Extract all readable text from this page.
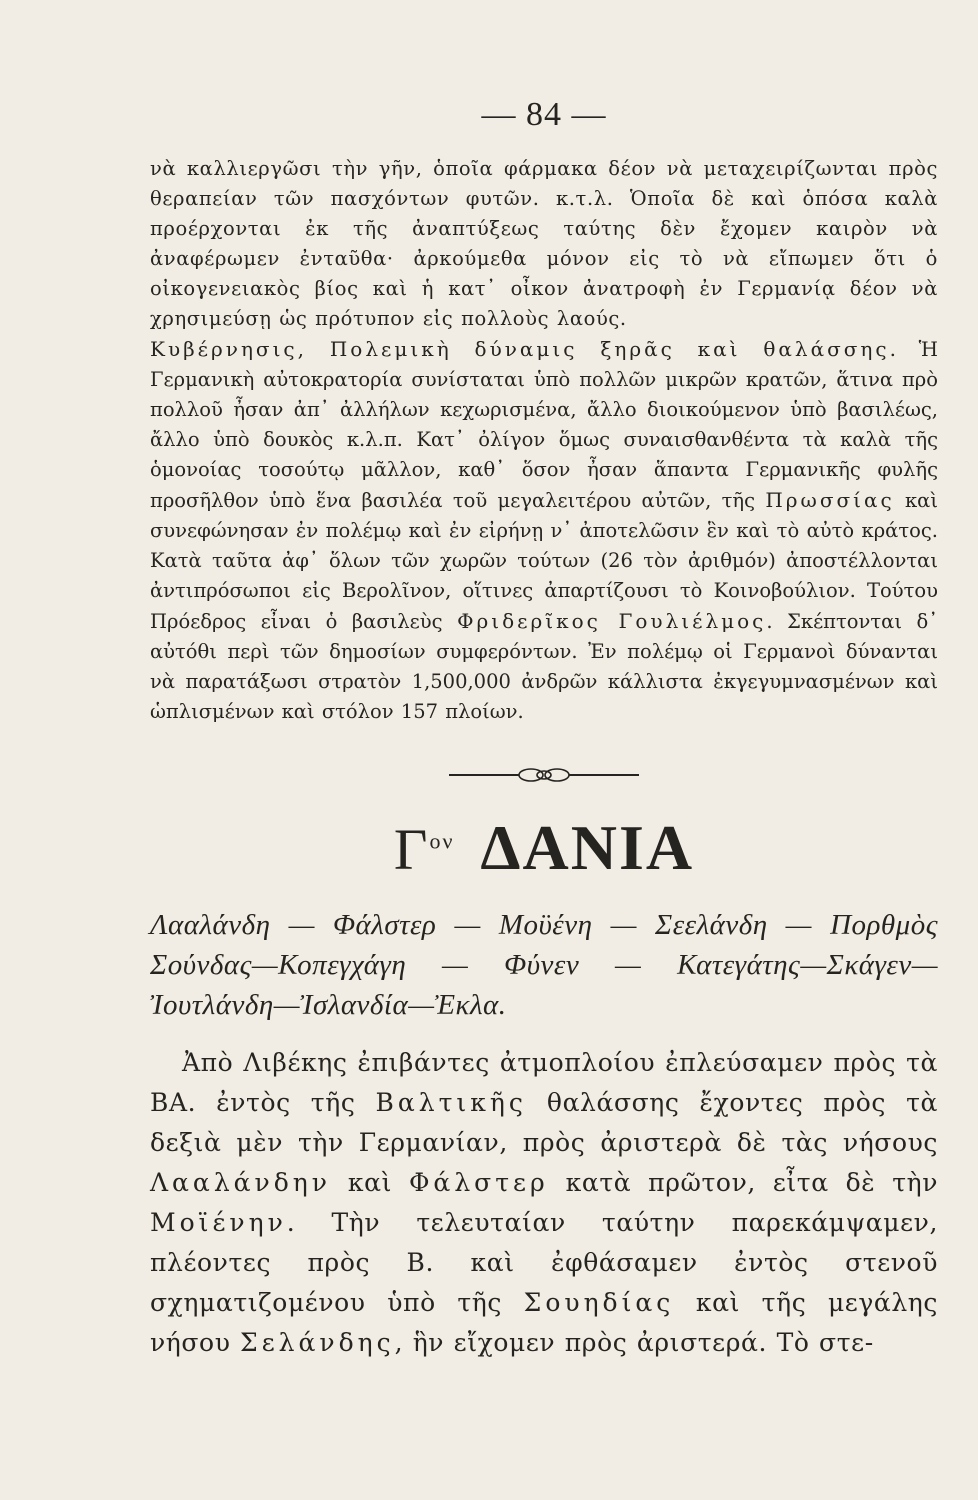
— 84 —

νὰ καλλιεργῶσι τὴν γῆν, ὁποῖα φάρμακα δέον νὰ μεταχειρίζωνται πρὸς θεραπείαν τῶν πασχόντων φυτῶν. κ.τ.λ. Ὁποῖα δὲ καὶ ὁπόσα καλὰ προέρχονται ἐκ τῆς ἀναπτύξεως ταύτης δὲν ἔχομεν καιρὸν νὰ ἀναφέρωμεν ἐνταῦθα· ἀρκούμεθα μόνον εἰς τὸ νὰ εἴπωμεν ὅτι ὁ οἰκογενειακὸς βίος καὶ ἡ κατ᾽ οἶκον ἀνατροφὴ ἐν Γερμανίᾳ δέον νὰ χρησιμεύσῃ ὡς πρότυπον εἰς πολλοὺς λαούς.

Κυβέρνησις, Πολεμικὴ δύναμις ξηρᾶς καὶ θαλάσσης. Ἡ Γερμανικὴ αὐτοκρατορία συνίσταται ὑπὸ πολλῶν μικρῶν κρατῶν, ἅτινα πρὸ πολλοῦ ἦσαν ἀπ᾽ ἀλλήλων κεχωρισμένα, ἄλλο διοικούμενον ὑπὸ βασιλέως, ἄλλο ὑπὸ δουκὸς κ.λ.π. Κατ᾽ ὀλίγον ὅμως συναισθανθέντα τὰ καλὰ τῆς ὁμονοίας τοσούτῳ μᾶλλον, καθ᾽ ὅσον ἦσαν ἅπαντα Γερμανικῆς φυλῆς προσῆλθον ὑπὸ ἕνα βασιλέα τοῦ μεγαλειτέρου αὐτῶν, τῆς Πρωσσίας καὶ συνεφώνησαν ἐν πολέμῳ καὶ ἐν εἰρήνῃ ν᾽ ἀποτελῶσιν ἓν καὶ τὸ αὐτὸ κράτος. Κατὰ ταῦτα ἀφ᾽ ὅλων τῶν χωρῶν τούτων (26 τὸν ἀριθμόν) ἀποστέλλονται ἀντιπρόσωποι εἰς Βερολῖνον, οἵτινες ἀπαρτίζουσι τὸ Κοινοβούλιον. Τούτου Πρόεδρος εἶναι ὁ βασιλεὺς Φριδερῖκος Γουλιέλμος. Σκέπτονται δ᾽ αὐτόθι περὶ τῶν δημοσίων συμφερόντων. Ἐν πολέμῳ οἱ Γερμανοὶ δύνανται νὰ παρατάξωσι στρατὸν 1,500,000 ἀνδρῶν κάλλιστα ἐκγεγυμνασμένων καὶ ὡπλισμένων καὶ στόλον 157 πλοίων.

$\Gamma^{o\nu}$ ΔΑΝΙΑ

Λααλάνδη — Φάλστερ — Μοϋένη — Σεελάνδη — Πορθμὸς Σούνδας—Κοπεγχάγη — Φύνεν — Κατεγάτης—Σκάγεν—Ἰουτλάνδη—Ἰσλανδία—Ἐκλα.

Ἀπὸ Λιβέκης ἐπιβάντες ἀτμοπλοίου ἐπλεύσαμεν πρὸς τὰ ΒΑ. ἐντὸς τῆς Βαλτικῆς θαλάσσης ἔχοντες πρὸς τὰ δεξιὰ μὲν τὴν Γερμανίαν, πρὸς ἀριστερὰ δὲ τὰς νήσους Λααλάνδην καὶ Φάλστερ κατὰ πρῶτον, εἶτα δὲ τὴν Μοϊένην. Τὴν τελευταίαν ταύτην παρεκάμψαμεν, πλέοντες πρὸς Β. καὶ ἐφθάσαμεν ἐντὸς στενοῦ σχηματιζομένου ὑπὸ τῆς Σουηδίας καὶ τῆς μεγάλης νήσου Σελάνδης, ἣν εἴχομεν πρὸς ἀριστερά. Τὸ στε-
